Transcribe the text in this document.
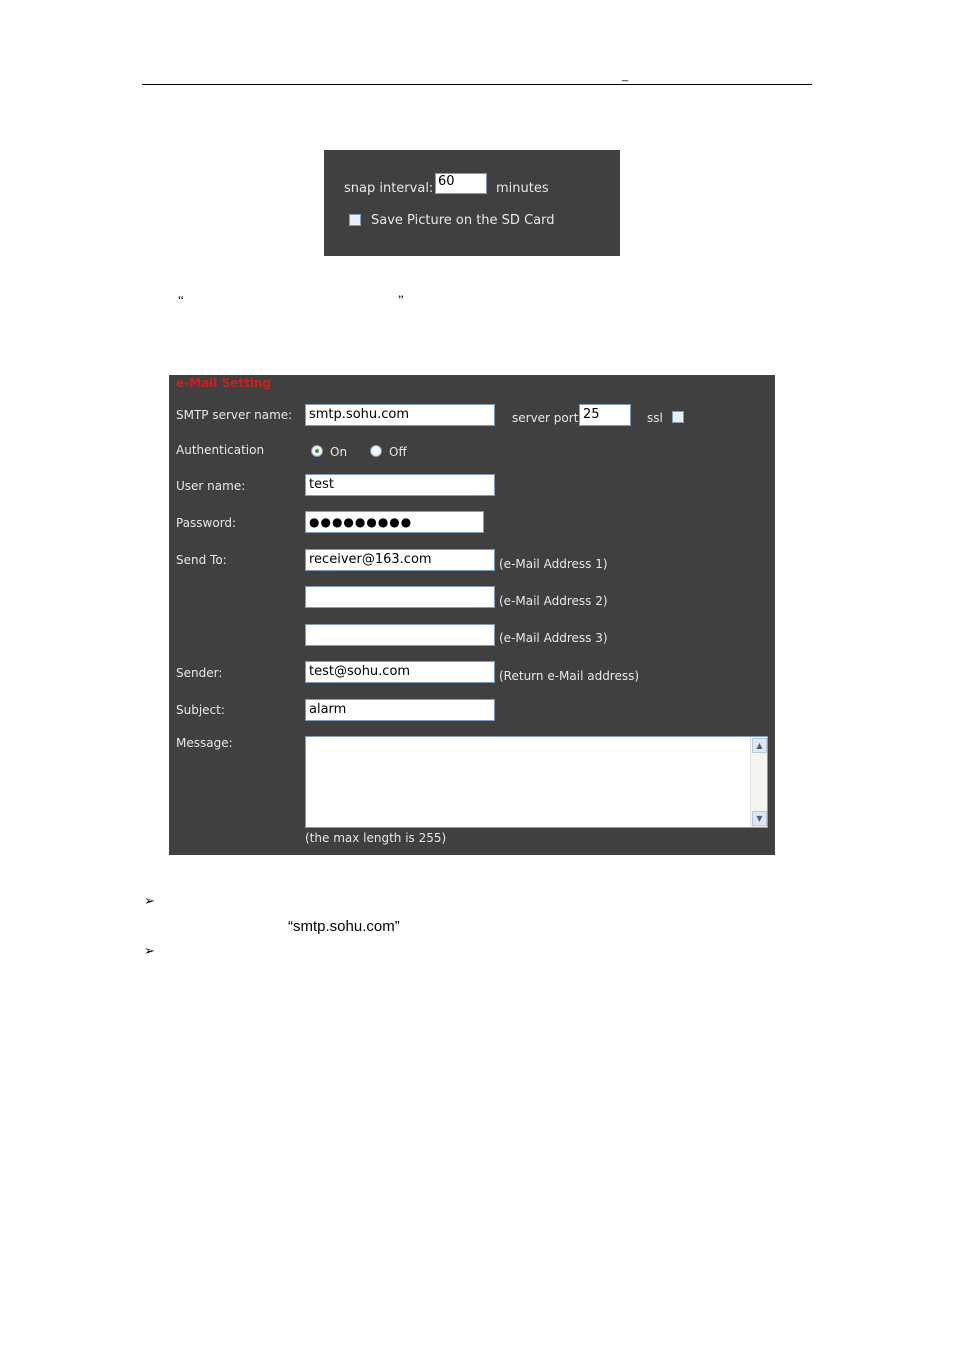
_
snap interval: 60	minutes
Save Picture on the SD Card
“	”
e-Mail Setting
SMTP server name:	smtp.sohu.com	server port 25	ssl
Authentication	On	Off
User name:	test
Password:	●●●●●●●●●
Send To:	receiver@163.com	(e-Mail Address 1)
(e-Mail Address 2)
(e-Mail Address 3)
Sender:	test@sohu.com	(Return e-Mail address)
Subject:	alarm
Message:	▲
▼
(the max length is 255)
➢
“smtp.sohu.com”
➢
